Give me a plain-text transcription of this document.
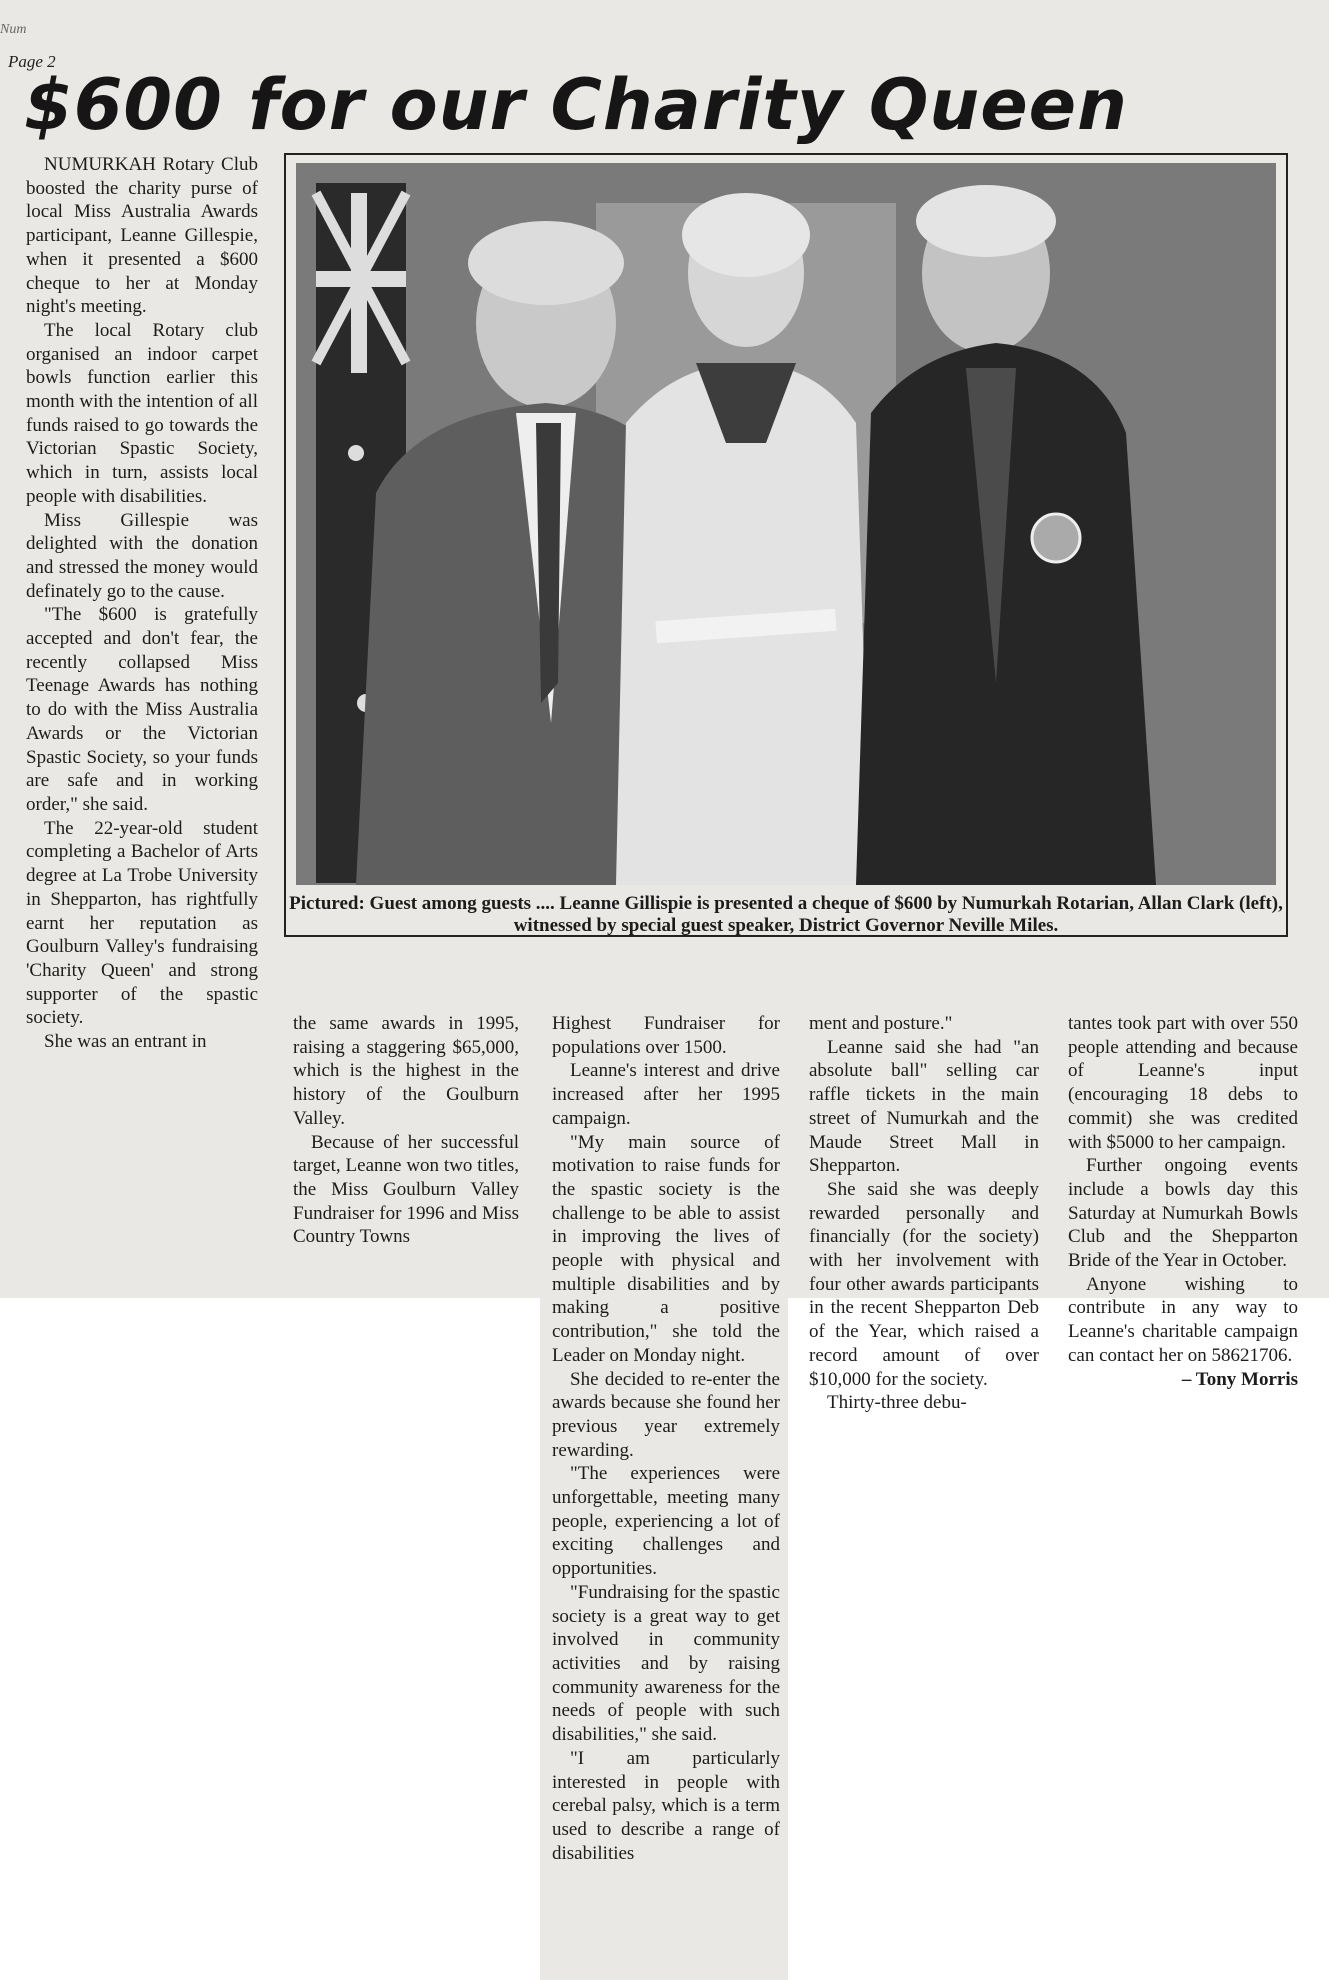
Num
Page 2
$600 for our Charity Queen
Pictured: Guest among guests .... Leanne Gillispie is presented a cheque of $600 by Numurkah Rotarian, Allan Clark (left), witnessed by special guest speaker, District Governor Neville Miles.

NUMURKAH Rotary Club boosted the charity purse of local Miss Australia Awards participant, Leanne Gillespie, when it presented a $600 cheque to her at Monday night's meeting.

The local Rotary club organised an indoor carpet bowls function earlier this month with the intention of all funds raised to go towards the Victorian Spastic Society, which in turn, assists local people with disabilities.

Miss Gillespie was delighted with the donation and stressed the money would definately go to the cause.

"The $600 is gratefully accepted and don't fear, the recently collapsed Miss Teenage Awards has nothing to do with the Miss Australia Awards or the Victorian Spastic Society, so your funds are safe and in working order," she said.

The 22-year-old student completing a Bachelor of Arts degree at La Trobe University in Shepparton, has rightfully earnt her reputation as Goulburn Valley's fundraising 'Charity Queen' and strong supporter of the spastic society.

She was an entrant in

the same awards in 1995, raising a staggering $65,000, which is the highest in the history of the Goulburn Valley.

Because of her successful target, Leanne won two titles, the Miss Goulburn Valley Fundraiser for 1996 and Miss Country Towns

Highest Fundraiser for populations over 1500.

Leanne's interest and drive increased after her 1995 campaign.

"My main source of motivation to raise funds for the spastic society is the challenge to be able to assist in improving the lives of people with physical and multiple disabilities and by making a positive contribution," she told the Leader on Monday night.

She decided to re-enter the awards because she found her previous year extremely rewarding.

"The experiences were unforgettable, meeting many people, experiencing a lot of exciting challenges and opportunities.

"Fundraising for the spastic society is a great way to get involved in community activities and by raising community awareness for the needs of people with such disabilities," she said.

"I am particularly interested in people with cerebal palsy, which is a term used to describe a range of disabilities

ment and posture."

Leanne said she had "an absolute ball" selling car raffle tickets in the main street of Numurkah and the Maude Street Mall in Shepparton.

She said she was deeply rewarded personally and financially (for the society) with her involvement with four other awards participants in the recent Shepparton Deb of the Year, which raised a record amount of over $10,000 for the society.

Thirty-three debu-

tantes took part with over 550 people attending and because of Leanne's input (encouraging 18 debs to commit) she was credited with $5000 to her campaign.

Further ongoing events include a bowls day this Saturday at Numurkah Bowls Club and the Shepparton Bride of the Year in October.

Anyone wishing to contribute in any way to Leanne's charitable campaign can contact her on 58621706.

– Tony Morris
